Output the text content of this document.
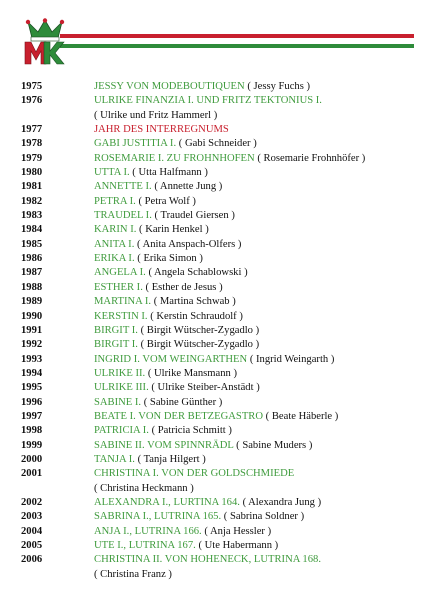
1975	JESSY VON MODEBOUTIQUEN ( Jessy Fuchs )
1976	ULRIKE FINANZIA I. UND FRITZ TEKTONIUS I.
( Ulrike und Fritz Hammerl )
1977	JAHR DES INTERREGNUMS
1978	GABI JUSTITIA I. ( Gabi Schneider )
1979	ROSEMARIE I. ZU FROHNHOFEN ( Rosemarie Frohnhöfer )
1980	UTTA I. ( Utta Halfmann )
1981	ANNETTE I. ( Annette Jung )
1982	PETRA I. ( Petra Wolf )
1983	TRAUDEL I. ( Traudel Giersen )
1984	KARIN I. ( Karin Henkel )
1985	ANITA I. ( Anita Anspach-Olfers )
1986	ERIKA I. ( Erika Simon )
1987	ANGELA I. ( Angela Schablowski )
1988	ESTHER I. ( Esther de Jesus )
1989	MARTINA I. ( Martina Schwab )
1990	KERSTIN I. ( Kerstin Schraudolf )
1991	BIRGIT I. ( Birgit Wütscher-Zygadlo )
1992	BIRGIT I. ( Birgit Wütscher-Zygadlo )
1993	INGRID I. VOM WEINGARTHEN ( Ingrid Weingarth )
1994	ULRIKE II. ( Ulrike Mansmann )
1995	ULRIKE III. ( Ulrike Steiber-Anstädt )
1996	SABINE I. ( Sabine Günther )
1997	BEATE I. VON DER BETZEGASTRO ( Beate Häberle )
1998	PATRICIA I. ( Patricia Schmitt )
1999	SABINE II. VOM SPINNRÄDL ( Sabine Muders )
2000	TANJA I. ( Tanja Hilgert )
2001	CHRISTINA I. VON DER GOLDSCHMIEDE
( Christina Heckmann )
2002	ALEXANDRA I., LURTINA 164. ( Alexandra Jung )
2003	SABRINA I., LUTRINA 165. ( Sabrina Soldner )
2004	ANJA I., LUTRINA 166. ( Anja Hessler )
2005	UTE I., LUTRINA 167. ( Ute Habermann )
2006	CHRISTINA II. VON HOHENECK, LUTRINA 168.
( Christina Franz )
